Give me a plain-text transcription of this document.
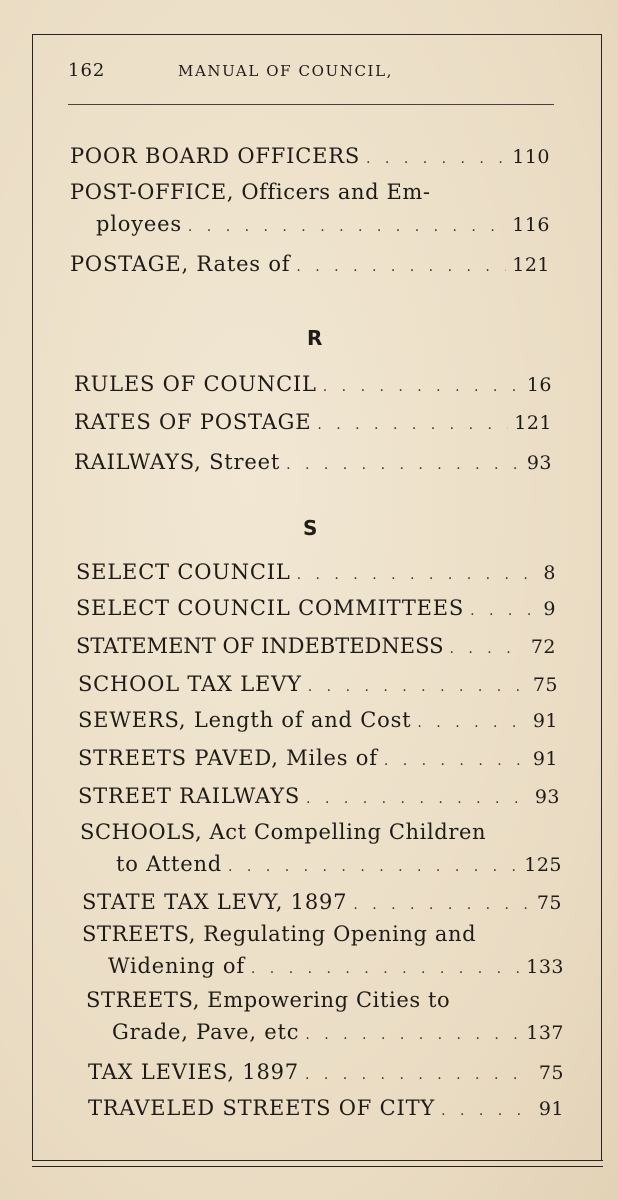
162	MANUAL OF COUNCIL,
POOR BOARD OFFICERS . . .	110
POST-OFFICE, Officers and Em-
ployees . . .	116
POSTAGE, Rates of . . .	121
R
RULES OF COUNCIL . . .	16
RATES OF POSTAGE . . .	121
RAILWAYS, Street . . .	93
S
SELECT COUNCIL . . .	8
SELECT COUNCIL COMMITTEES . . .	9
STATEMENT OF INDEBTEDNESS . . .	72
SCHOOL TAX LEVY . . .	75
SEWERS, Length of and Cost . . .	91
STREETS PAVED, Miles of . . .	91
STREET RAILWAYS . . .	93
SCHOOLS, Act Compelling Children
to Attend . . .	125
STATE TAX LEVY, 1897 . . .	75
STREETS, Regulating Opening and
Widening of . . .	133
STREETS, Empowering Cities to
Grade, Pave, etc . . .	137
TAX LEVIES, 1897 . . .	75
TRAVELED STREETS OF CITY . . .	91
